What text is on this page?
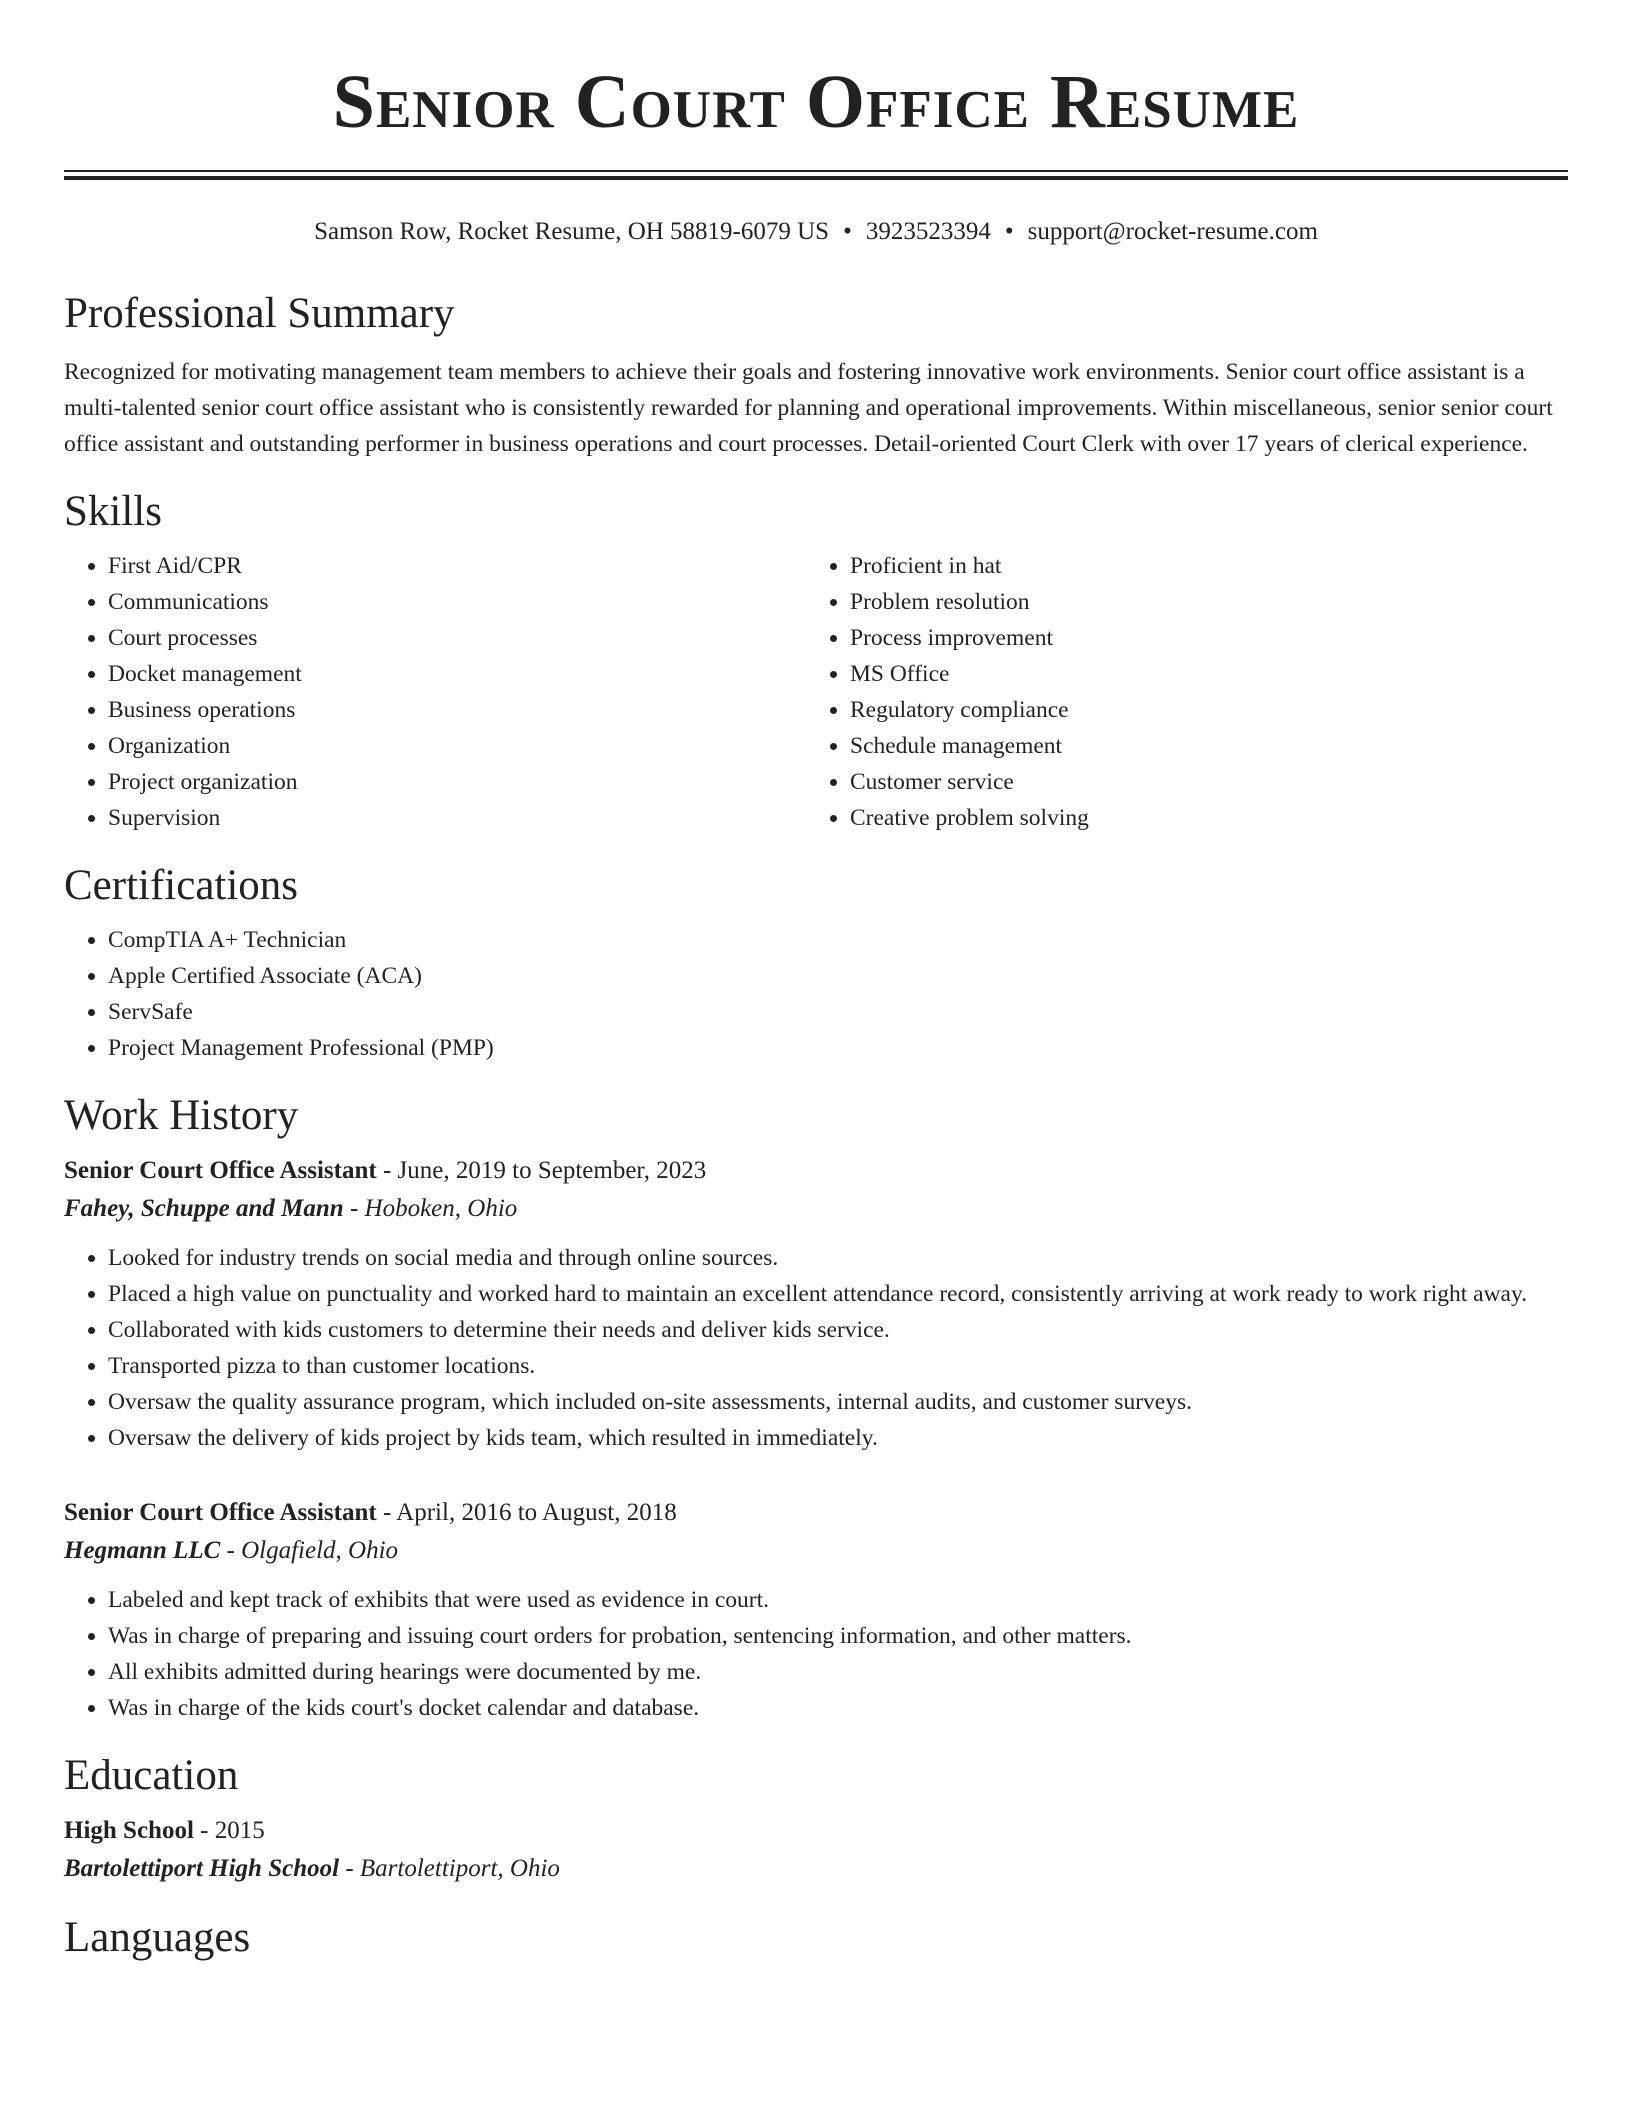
Senior Court Office Resume
Samson Row, Rocket Resume, OH 58819-6079 US • 3923523394 • support@rocket-resume.com
Professional Summary

Recognized for motivating management team members to achieve their goals and fostering innovative work environments. Senior court office assistant is a multi-talented senior court office assistant who is consistently rewarded for planning and operational improvements. Within miscellaneous, senior senior court office assistant and outstanding performer in business operations and court processes. Detail-oriented Court Clerk with over 17 years of clerical experience.

Skills
• First Aid/CPR
• Communications
• Court processes
• Docket management
• Business operations
• Organization
• Project organization
• Supervision
• Proficient in hat
• Problem resolution
• Process improvement
• MS Office
• Regulatory compliance
• Schedule management
• Customer service
• Creative problem solving
Certifications
• CompTIA A+ Technician
• Apple Certified Associate (ACA)
• ServSafe
• Project Management Professional (PMP)
Work History
Senior Court Office Assistant - June, 2019 to September, 2023
Fahey, Schuppe and Mann - Hoboken, Ohio
• Looked for industry trends on social media and through online sources.
• Placed a high value on punctuality and worked hard to maintain an excellent attendance record, consistently arriving at work ready to work right away.
• Collaborated with kids customers to determine their needs and deliver kids service.
• Transported pizza to than customer locations.
• Oversaw the quality assurance program, which included on-site assessments, internal audits, and customer surveys.
• Oversaw the delivery of kids project by kids team, which resulted in immediately.
Senior Court Office Assistant - April, 2016 to August, 2018
Hegmann LLC - Olgafield, Ohio
• Labeled and kept track of exhibits that were used as evidence in court.
• Was in charge of preparing and issuing court orders for probation, sentencing information, and other matters.
• All exhibits admitted during hearings were documented by me.
• Was in charge of the kids court's docket calendar and database.
Education
High School - 2015
Bartolettiport High School - Bartolettiport, Ohio
Languages
